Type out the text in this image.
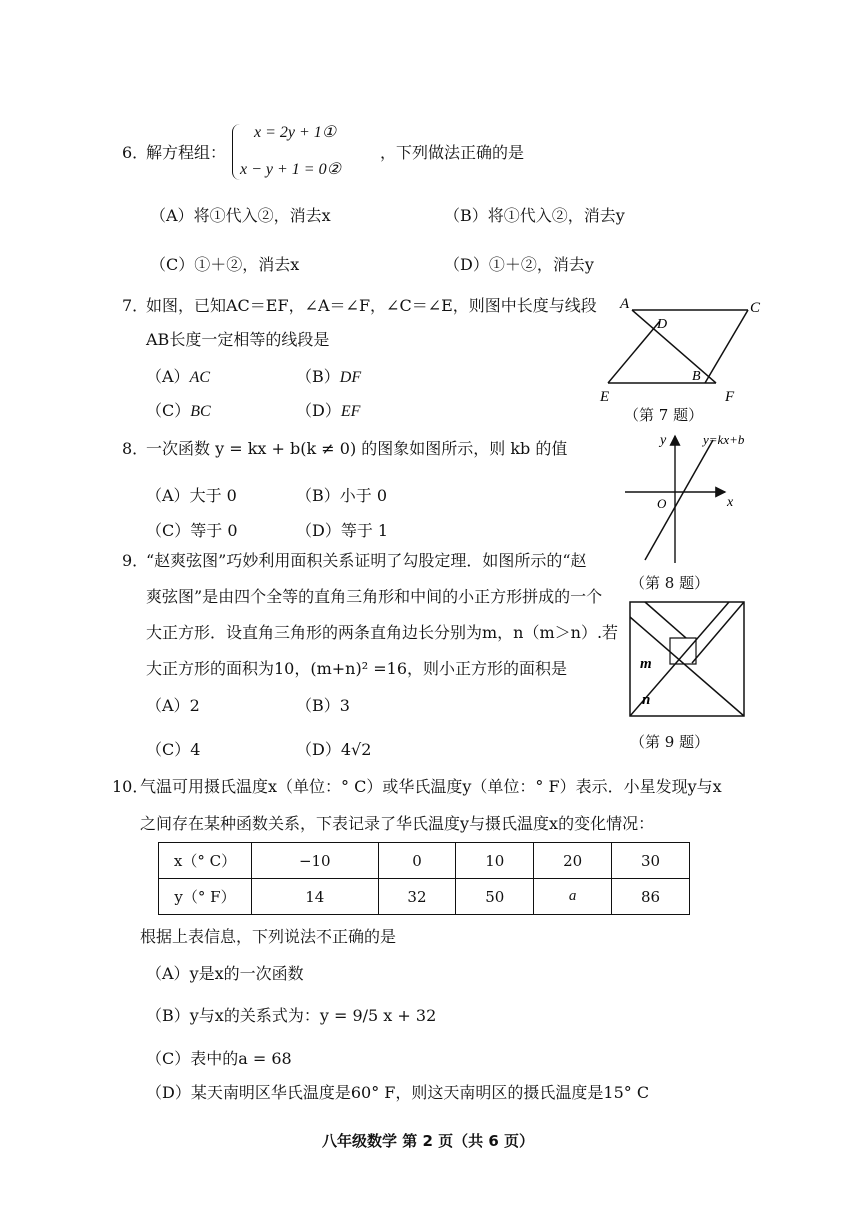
6．
解方程组：
x = 2y + 1①
x − y + 1 = 0②
，下列做法正确的是
（A）将①代入②，消去x	（B）将①代入②，消去y
（C）①＋②，消去x	（D）①＋②，消去y
7．
如图，已知AC＝EF，∠A＝∠F，∠C＝∠E，则图中长度与线段
AB长度一定相等的线段是
（A）AC	（B）DF
（C）BC	（D）EF
A	C
D
B
E	F
（第 7 题）
8．
一次函数 y = kx + b(k ≠ 0) 的图象如图所示，则 kb 的值
（A）大于 0	（B）小于 0
（C）等于 0	（D）等于 1
x
y
O
y=kx+b
（第 8 题）
9．
“赵爽弦图”巧妙利用面积关系证明了勾股定理．如图所示的“赵
爽弦图”是由四个全等的直角三角形和中间的小正方形拼成的一个
大正方形．设直角三角形的两条直角边长分别为m，n（m＞n）.若
大正方形的面积为10，(m+n)² =16，则小正方形的面积是
（A）2	（B）3
（C）4	（D）4√2
m
n
（第 9 题）
10．
气温可用摄氏温度x（单位：° C）或华氏温度y（单位：° F）表示．小星发现y与x
之间存在某种函数关系，下表记录了华氏温度y与摄氏温度x的变化情况：
x（° C）	−10	0	10	20	30
y（° F）	14	32	50	a	86
根据上表信息，下列说法不正确的是
（A）y是x的一次函数
（B）y与x的关系式为：y = 9/5 x + 32
（C）表中的a = 68
（D）某天南明区华氏温度是60° F，则这天南明区的摄氏温度是15° C
八年级数学 第 2 页（共 6 页）
